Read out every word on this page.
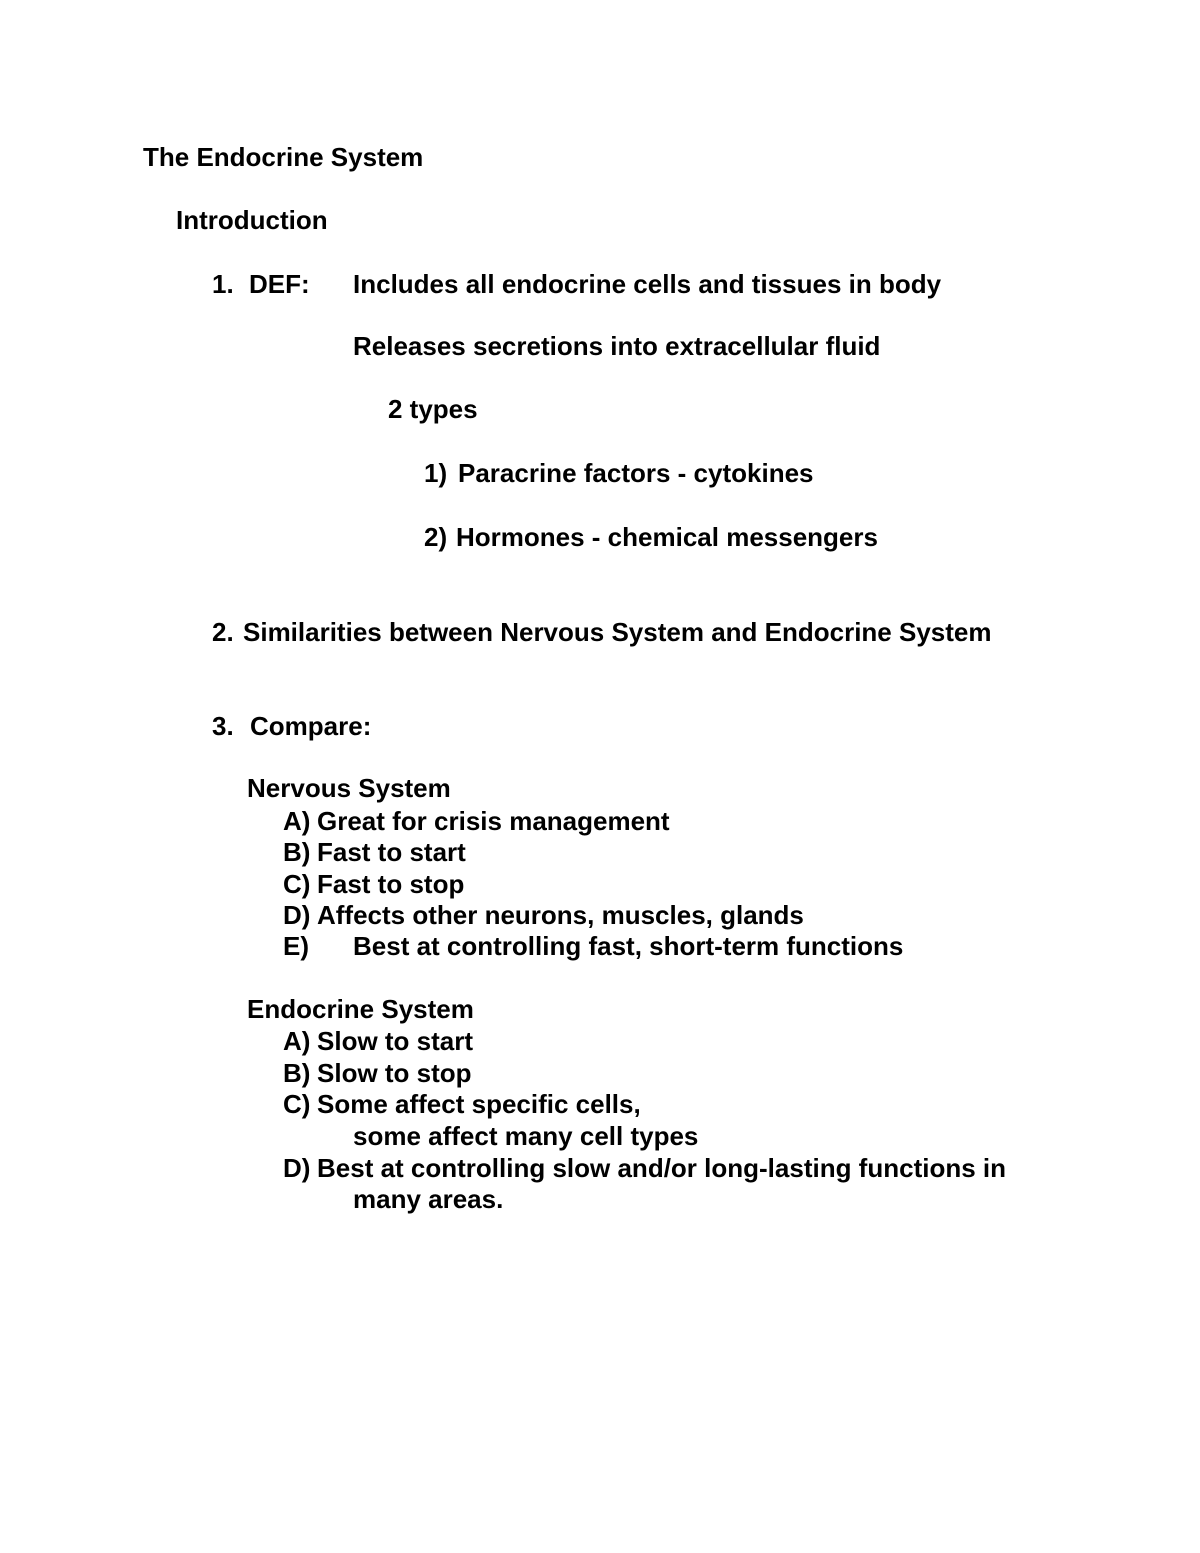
The Endocrine System
Introduction
1. DEF: Includes all endocrine cells and tissues in body
Releases secretions into extracellular fluid
2 types
1) Paracrine factors - cytokines
2) Hormones - chemical messengers
2. Similarities between Nervous System and Endocrine System
3. Compare:
Nervous System
A) Great for crisis management
B) Fast to start
C) Fast to stop
D) Affects other neurons, muscles, glands
E) Best at controlling fast, short-term functions
Endocrine System
A) Slow to start
B) Slow to stop
C) Some affect specific cells,
some affect many cell types
D) Best at controlling slow and/or long-lasting functions in
many areas.
